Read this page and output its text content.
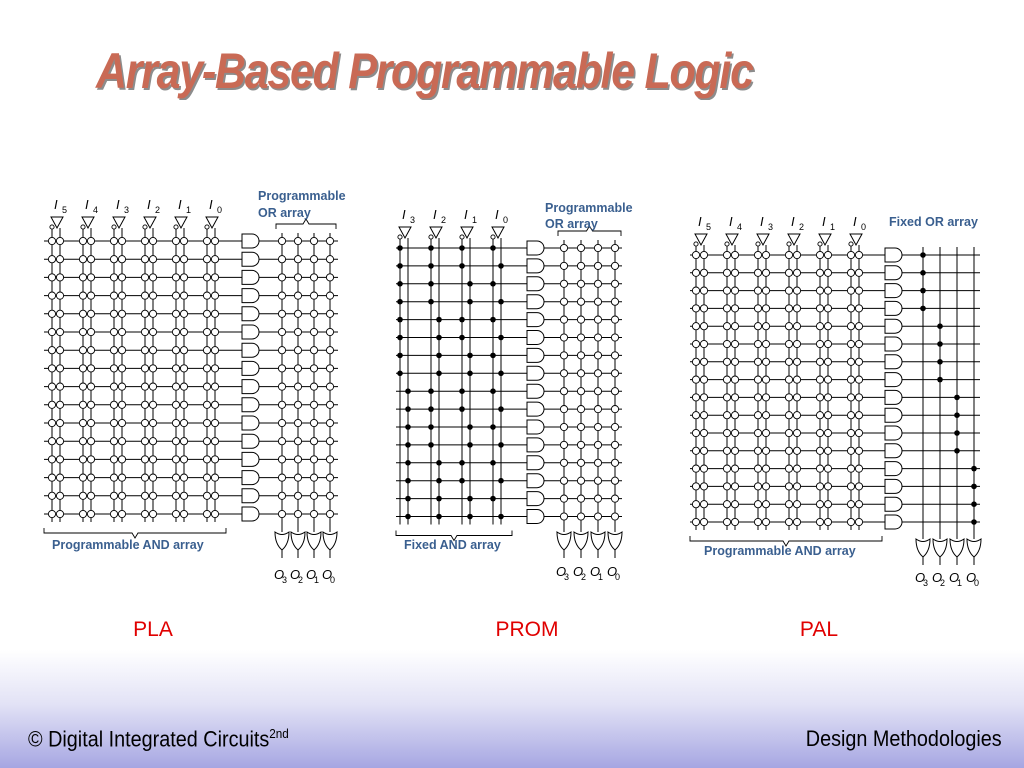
Array-Based Programmable Logic
I 5 I 4 I 3 I 2 I 1 I 0
O
3 O
2 O
1 O
0
I 3 I 2 I 1 I 0
O
3 O
2 O
1 O
0
I 5 I 4 I 3 I 2 I 1 I 0
O
3 O
2 O
1 O
0
Programmable
OR array
Programmable AND array
PLA
Programmable
OR array
Fixed AND array
PROM
Fixed OR array
Programmable AND array
PAL
© Digital Integrated Circuits$^{2nd}$	Design Methodologies
